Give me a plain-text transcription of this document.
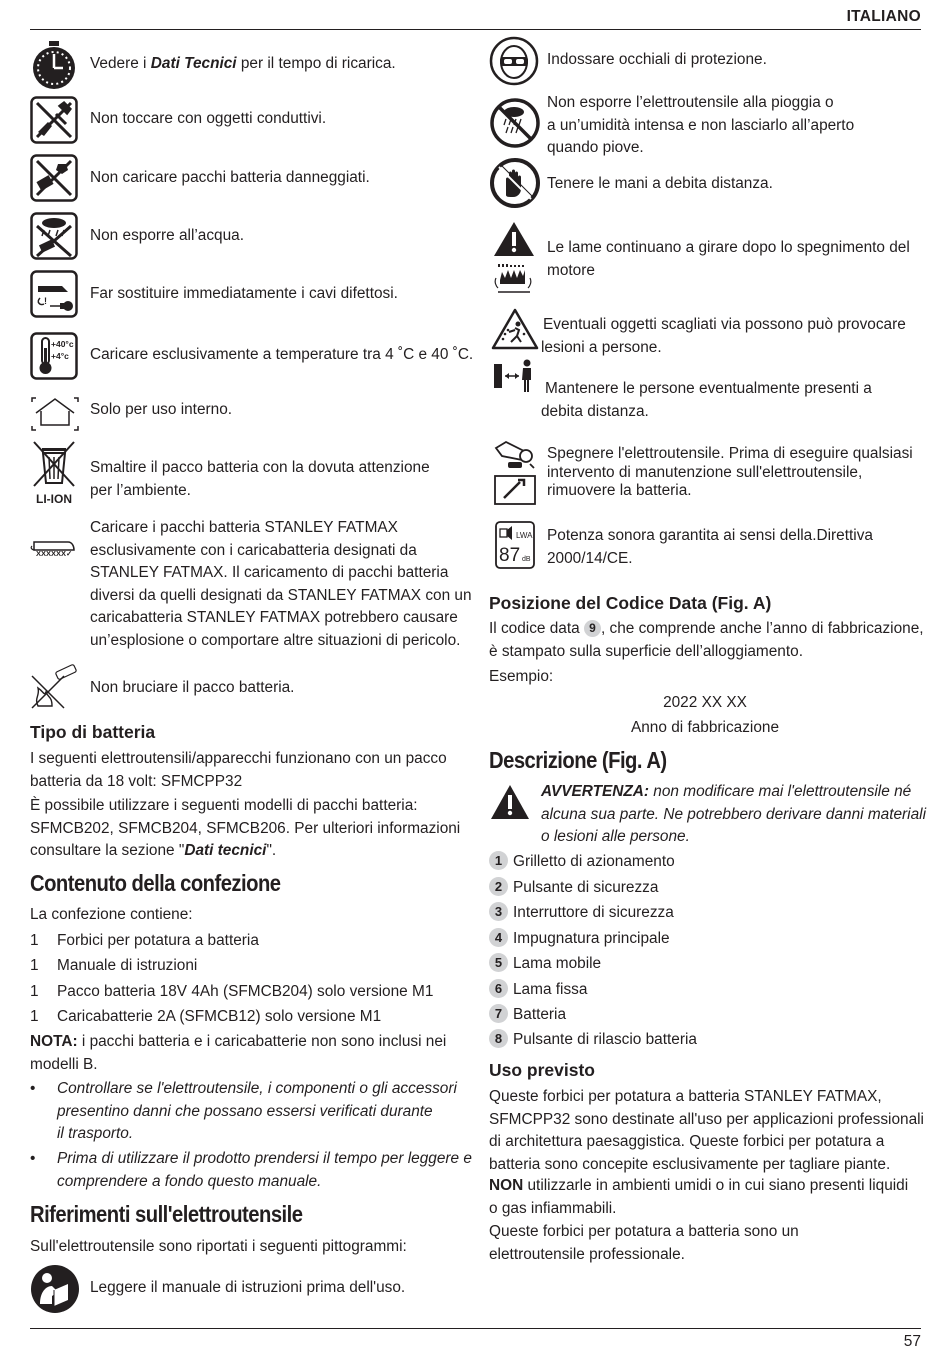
ITALIANO
57
Vedere i Dati Tecnici per il tempo di ricarica.
Non toccare con oggetti conduttivi.
Non caricare pacchi batteria danneggiati.
Non esporre all’acqua.
!	Far sostituire immediatamente i cavi difettosi.
+40°c
+4°c Caricare esclusivamente a temperature tra 4 ˚C e 40 ˚C.
Solo per uso interno.
LI-ION
Smaltire il pacco batteria con la dovuta attenzione
per l’ambiente.
XXXXXX✓
Caricare i pacchi batteria STANLEY FATMAX
esclusivamente con i caricabatteria designati da
STANLEY FATMAX. Il caricamento di pacchi batteria
diversi da quelli designati da STANLEY FATMAX con un
caricabatteria STANLEY FATMAX potrebbero causare
un’esplosione o comportare altre situazioni di pericolo.
Non bruciare il pacco batteria.
Tipo di batteria
I seguenti elettroutensili/apparecchi funzionano con un pacco
batteria da 18 volt: SFMCPP32
È possibile utilizzare i seguenti modelli di pacchi batteria:
SFMCB202, SFMCB204, SFMCB206. Per ulteriori informazioni
consultare la sezione "Dati tecnici".
Contenuto della confezione
La confezione contiene:
1 Forbici per potatura a batteria
1 Manuale di istruzioni
1 Pacco batteria 18V 4Ah (SFMCB204) solo versione M1
1 Caricabatterie 2A (SFMCB12) solo versione M1
NOTA: i pacchi batteria e i caricabatterie non sono inclusi nei
modelli B.
• Controllare se l'elettroutensile, i componenti o gli accessori
presentino danni che possano essersi verificati durante
il trasporto.
• Prima di utilizzare il prodotto prendersi il tempo per leggere e
comprendere a fondo questo manuale.
Riferimenti sull'elettroutensile
Sull'elettroutensile sono riportati i seguenti pittogrammi:
Leggere il manuale di istruzioni prima dell'uso.
Indossare occhiali di protezione.
Non esporre l’elettroutensile alla pioggia o
a un’umidità intensa e non lasciarlo all’aperto
quando piove.
Tenere le mani a debita distanza.
Le lame continuano a girare dopo lo spegnimento del
motore
Eventuali oggetti scagliati via possono può provocare
lesioni a persone.
Mantenere le persone eventualmente presenti a
debita distanza.
Spegnere l'elettroutensile. Prima di eseguire qualsiasi
intervento di manutenzione sull'elettroutensile,
rimuovere la batteria.
LWA
87 dB
Potenza sonora garantita ai sensi della.Direttiva
2000/14/CE.
Posizione del Codice Data (Fig. A)
Il codice data 9 , che comprende anche l’anno di fabbricazione,
è stampato sulla superficie dell’alloggiamento.
Esempio:
2022 XX XX
Anno di fabbricazione
Descrizione (Fig. A)
AVVERTENZA: non modificare mai l'elettroutensile né
alcuna sua parte. Ne potrebbero derivare danni materiali
o lesioni alle persone.
1 Grilletto di azionamento
2 Pulsante di sicurezza
3 Interruttore di sicurezza
4 Impugnatura principale
5 Lama mobile
6 Lama fissa
7 Batteria
8 Pulsante di rilascio batteria
Uso previsto
Queste forbici per potatura a batteria STANLEY FATMAX,
SFMCPP32 sono destinate all'uso per applicazioni professionali
di architettura paesaggistica. Queste forbici per potatura a
batteria sono concepite esclusivamente per tagliare piante.
NON utilizzarle in ambienti umidi o in cui siano presenti liquidi
o gas infiammabili.
Queste forbici per potatura a batteria sono un
elettroutensile professionale.
